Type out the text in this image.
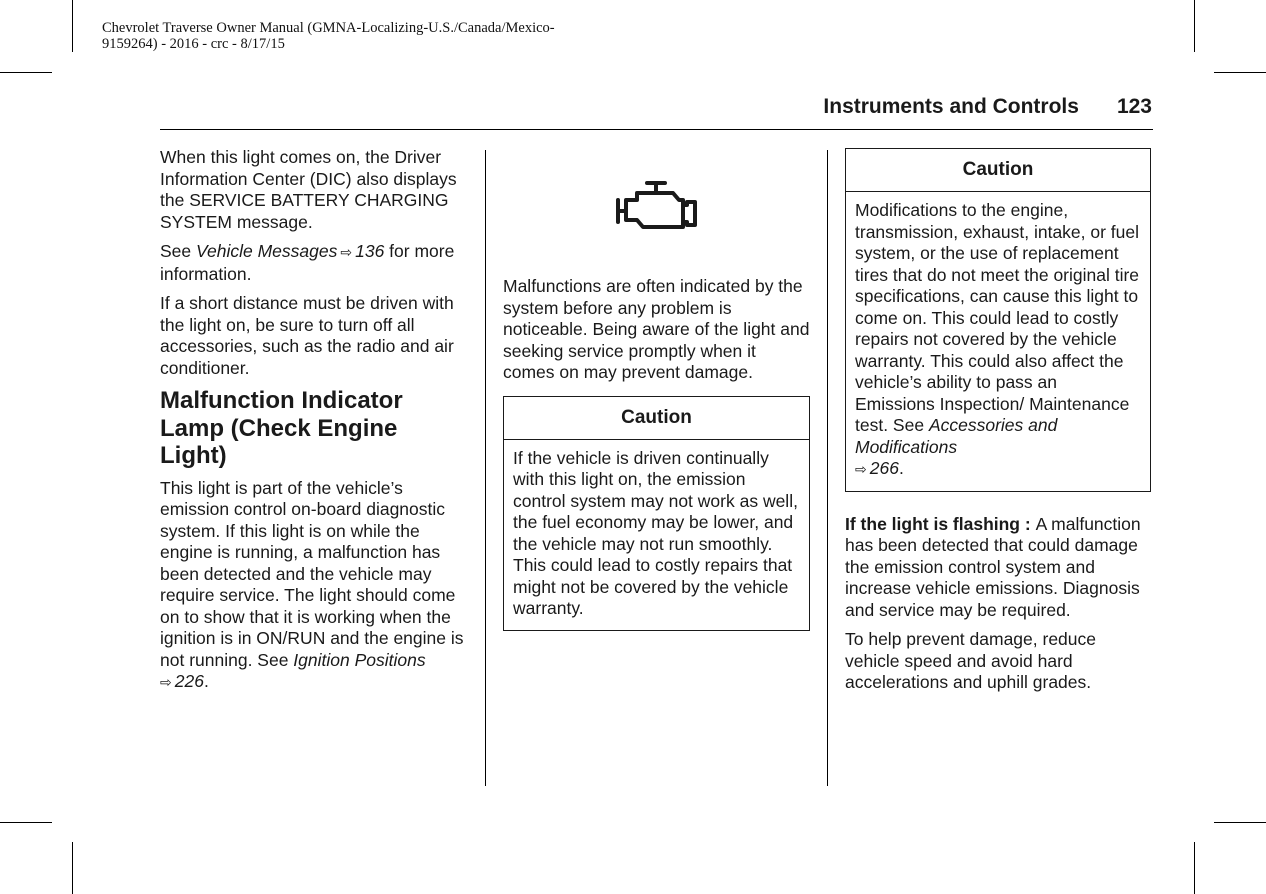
Chevrolet Traverse Owner Manual (GMNA-Localizing-U.S./Canada/Mexico-
9159264) - 2016 - crc - 8/17/15
Instruments and Controls 123

When this light comes on, the Driver Information Center (DIC) also displays the SERVICE BATTERY CHARGING SYSTEM message.

See Vehicle Messages ⇨ 136 for more information.

If a short distance must be driven with the light on, be sure to turn off all accessories, such as the radio and air conditioner.

Malfunction Indicator Lamp (Check Engine Light)

This light is part of the vehicle’s emission control on-board diagnostic system. If this light is on while the engine is running, a malfunction has been detected and the vehicle may require service. The light should come on to show that it is working when the ignition is in ON/RUN and the engine is not running. See Ignition Positions
⇨ 226.

Malfunctions are often indicated by the system before any problem is noticeable. Being aware of the light and seeking service promptly when it comes on may prevent damage.

Caution
If the vehicle is driven continually with this light on, the emission control system may not work as well, the fuel economy may be lower, and the vehicle may not run smoothly. This could lead to costly repairs that might not be covered by the vehicle warranty.
Caution
Modifications to the engine, transmission, exhaust, intake, or fuel system, or the use of replacement tires that do not meet the original tire specifications, can cause this light to come on. This could lead to costly repairs not covered by the vehicle warranty. This could also affect the vehicle’s ability to pass an Emissions Inspection/ Maintenance test. See Accessories and Modifications
⇨ 266.

If the light is flashing : A malfunction has been detected that could damage the emission control system and increase vehicle emissions. Diagnosis and service may be required.

To help prevent damage, reduce vehicle speed and avoid hard accelerations and uphill grades.
